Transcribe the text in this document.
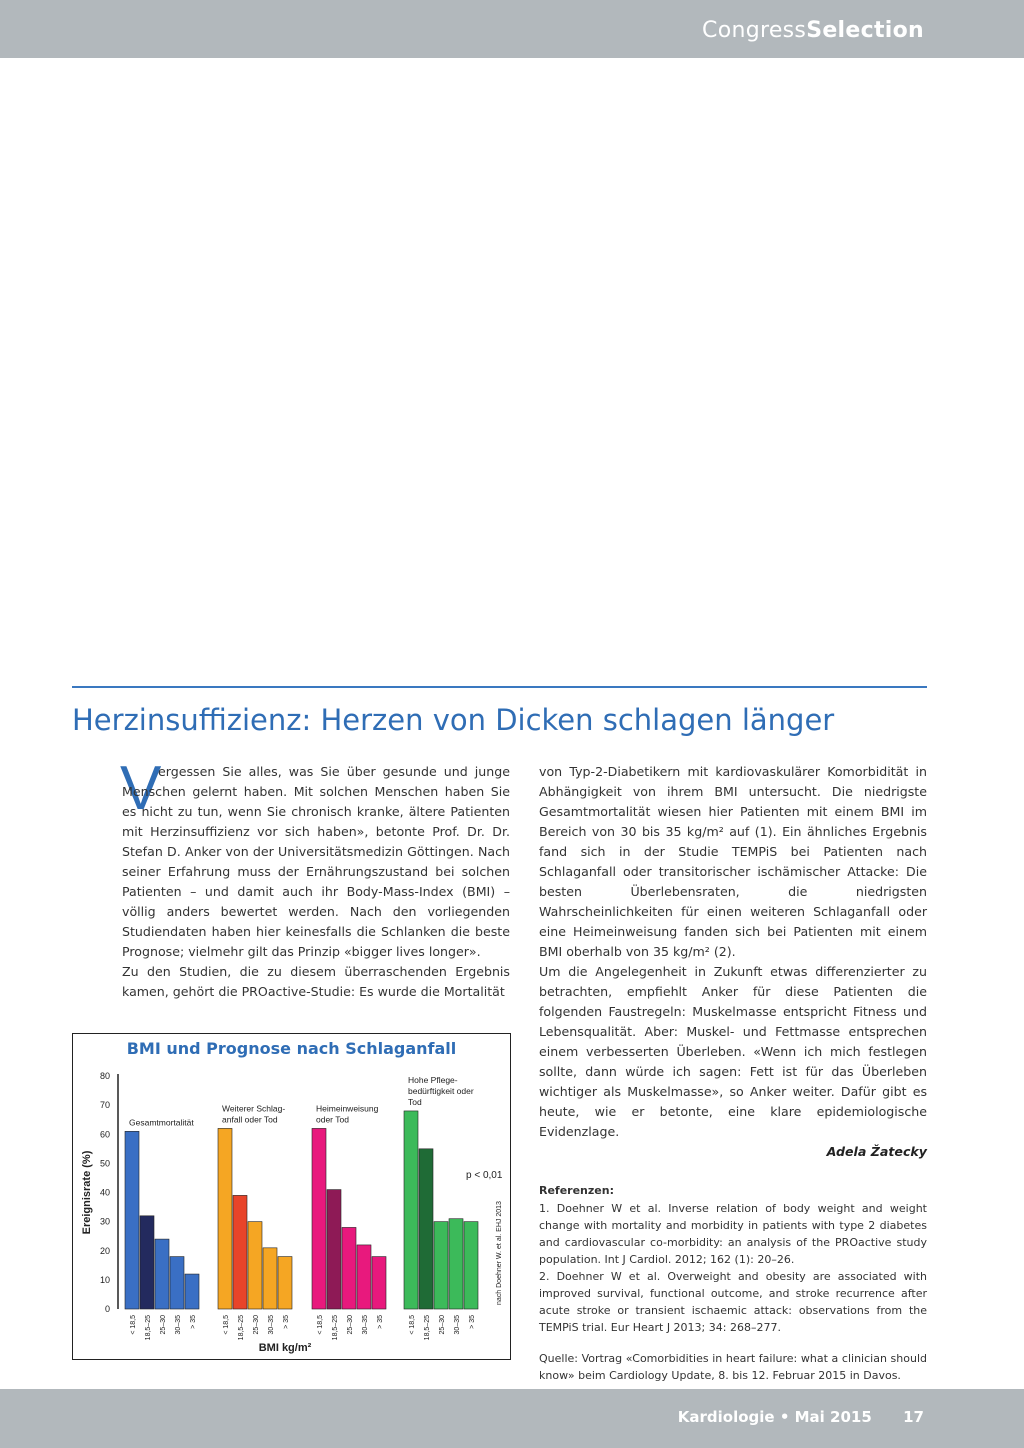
CongressSelection
Herzinsuffizienz: Herzen von Dicken schlagen länger
V

ergessen Sie alles, was Sie über gesunde und junge Menschen gelernt haben. Mit solchen Menschen haben Sie es nicht zu tun, wenn Sie chronisch kranke, ältere Patienten mit Herzinsuffizienz vor sich haben», betonte Prof. Dr. Dr. Stefan D. Anker von der Universitätsmedizin Göttingen. Nach seiner Erfahrung muss der Ernährungszustand bei solchen Patienten – und damit auch ihr Body-Mass-Index (BMI) – völlig anders bewertet werden. Nach den vorliegenden Studiendaten haben hier keinesfalls die Schlanken die beste Prognose; vielmehr gilt das Prinzip «bigger lives longer».

Zu den Studien, die zu diesem überraschenden Ergebnis kamen, gehört die PROactive-Studie: Es wurde die Mortalität

von Typ-2-Diabetikern mit kardiovaskulärer Komorbidität in Abhängigkeit von ihrem BMI untersucht. Die niedrigste Gesamtmortalität wiesen hier Patienten mit einem BMI im Bereich von 30 bis 35 kg/m² auf (1). Ein ähnliches Ergebnis fand sich in der Studie TEMPiS bei Patienten nach Schlaganfall oder transitorischer ischämischer Attacke: Die besten Überlebensraten, die niedrigsten Wahrscheinlichkeiten für einen weiteren Schlaganfall oder eine Heimeinweisung fanden sich bei Patienten mit einem BMI oberhalb von 35 kg/m² (2).

Um die Angelegenheit in Zukunft etwas differenzierter zu betrachten, empfiehlt Anker für diese Patienten die folgenden Faustregeln: Muskelmasse entspricht Fitness und Lebensqualität. Aber: Muskel- und Fettmasse entsprechen einem verbesserten Überleben. «Wenn ich mich festlegen sollte, dann würde ich sagen: Fett ist für das Überleben wichtiger als Muskelmasse», so Anker weiter. Dafür gibt es heute, wie er betonte, eine klare epidemiologische Evidenzlage.

Adela Žatecky

Referenzen:

1. Doehner W et al. Inverse relation of body weight and weight change with mortality and morbidity in patients with type 2 diabetes and cardiovascular co-morbidity: an analysis of the PROactive study population. Int J Cardiol. 2012; 162 (1): 20–26.

2. Doehner W et al. Overweight and obesity are associated with improved survival, functional outcome, and stroke recurrence after acute stroke or transient ischaemic attack: observations from the TEMPiS trial. Eur Heart J 2013; 34: 268–277.

Quelle: Vortrag «Comorbidities in heart failure: what a clinician should know» beim Cardiology Update, 8. bis 12. Februar 2015 in Davos.

BMI und Prognose nach Schlaganfall
0
10
20
30
40
50
60
70
80
Ereignisrate (%)
Gesamtmortalität
< 18,5 18,5–25 25–30 30–35 > 35
Weiterer Schlag-
anfall oder Tod
< 18,5 18,5–25 25–30 30–35 > 35
Heimeinweisung
oder Tod
< 18,5 18,5–25 25–30 30–35 > 35
Hohe Pflege-
bedürftigkeit oder
Tod
< 18,5 18,5–25 25–30 30–35 > 35
p < 0,01
nach Doehner W. et al. EHJ 2013
BMI kg/m²
Kardiologie • Mai 2015      17
